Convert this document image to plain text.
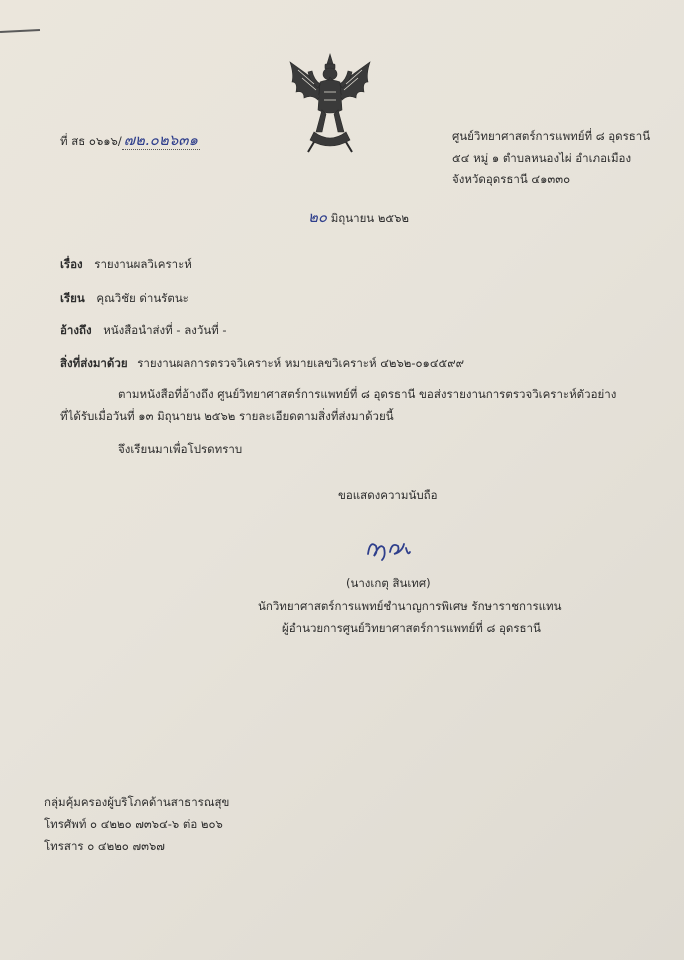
ที่ สธ ๐๖๑๖/ ๗๒.๐๒๖๓๑	ศูนย์วิทยาศาสตร์การแพทย์ที่ ๘ อุดรธานี
๕๔ หมู่ ๑ ตำบลหนองไผ่ อำเภอเมือง
จังหวัดอุดรธานี ๔๑๓๓๐
๒๐ มิถุนายน ๒๕๖๒
เรื่อง รายงานผลวิเคราะห์
เรียน คุณวิชัย ด่านรัตนะ
อ้างถึง หนังสือนำส่งที่ - ลงวันที่ -
สิ่งที่ส่งมาด้วย รายงานผลการตรวจวิเคราะห์ หมายเลขวิเคราะห์ ๔๒๖๒-๐๑๔๕๙๙
ตามหนังสือที่อ้างถึง ศูนย์วิทยาศาสตร์การแพทย์ที่ ๘ อุดรธานี ขอส่งรายงานการตรวจวิเคราะห์ตัวอย่าง
ที่ได้รับเมื่อวันที่ ๑๓ มิถุนายน ๒๕๖๒ รายละเอียดตามสิ่งที่ส่งมาด้วยนี้
จึงเรียนมาเพื่อโปรดทราบ
ขอแสดงความนับถือ
(นางเกตุ สินเทศ)
นักวิทยาศาสตร์การแพทย์ชำนาญการพิเศษ รักษาราชการแทน
ผู้อำนวยการศูนย์วิทยาศาสตร์การแพทย์ที่ ๘ อุดรธานี
กลุ่มคุ้มครองผู้บริโภคด้านสาธารณสุข
โทรศัพท์ ๐ ๔๒๒๐ ๗๓๖๔-๖ ต่อ ๒๐๖
โทรสาร ๐ ๔๒๒๐ ๗๓๖๗
